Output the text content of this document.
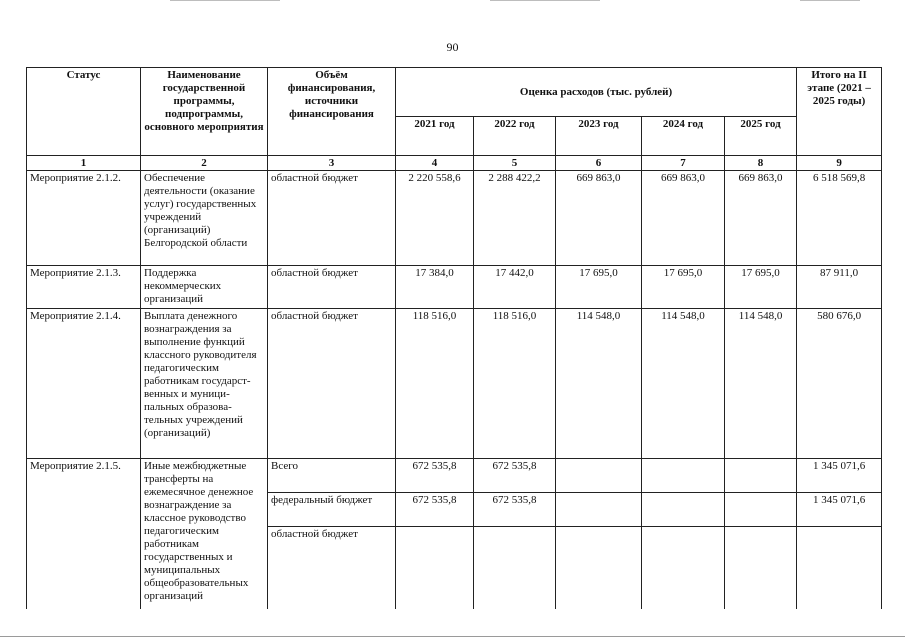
90
Статус	Наименование государственной программы, подпрограммы, основного мероприятия	Объём финансирования, источники финансирования	Оценка расходов (тыс. рублей)					Итого на II этапе (2021 – 2025 годы)
			2021 год	2022 год	2023 год	2024 год	2025 год	
1	2	3	4	5	6	7	8	9
Мероприятие 2.1.2.	Обеспечение деятельности (оказание услуг) государственных учреждений (организаций) Белгородской области	областной бюджет	2 220 558,6	2 288 422,2	669 863,0	669 863,0	669 863,0	6 518 569,8
Мероприятие 2.1.3.	Поддержка некоммерческих организаций	областной бюджет	17 384,0	17 442,0	17 695,0	17 695,0	17 695,0	87 911,0
Мероприятие 2.1.4.	Выплата денежного вознаграждения за выполнение функций классного руководителя педагогическим работникам государст-венных и муници-пальных образова-тельных учреждений (организаций)	областной бюджет	118 516,0	118 516,0	114 548,0	114 548,0	114 548,0	580 676,0
Мероприятие 2.1.5.	Иные межбюджетные трансферты на ежемесячное денежное вознаграждение за классное руководство педагогическим работникам государственных и муниципальных общеобразовательных организаций	Всего	672 535,8	672 535,8				1 345 071,6
		федеральный бюджет	672 535,8	672 535,8				1 345 071,6
		областной бюджет						
